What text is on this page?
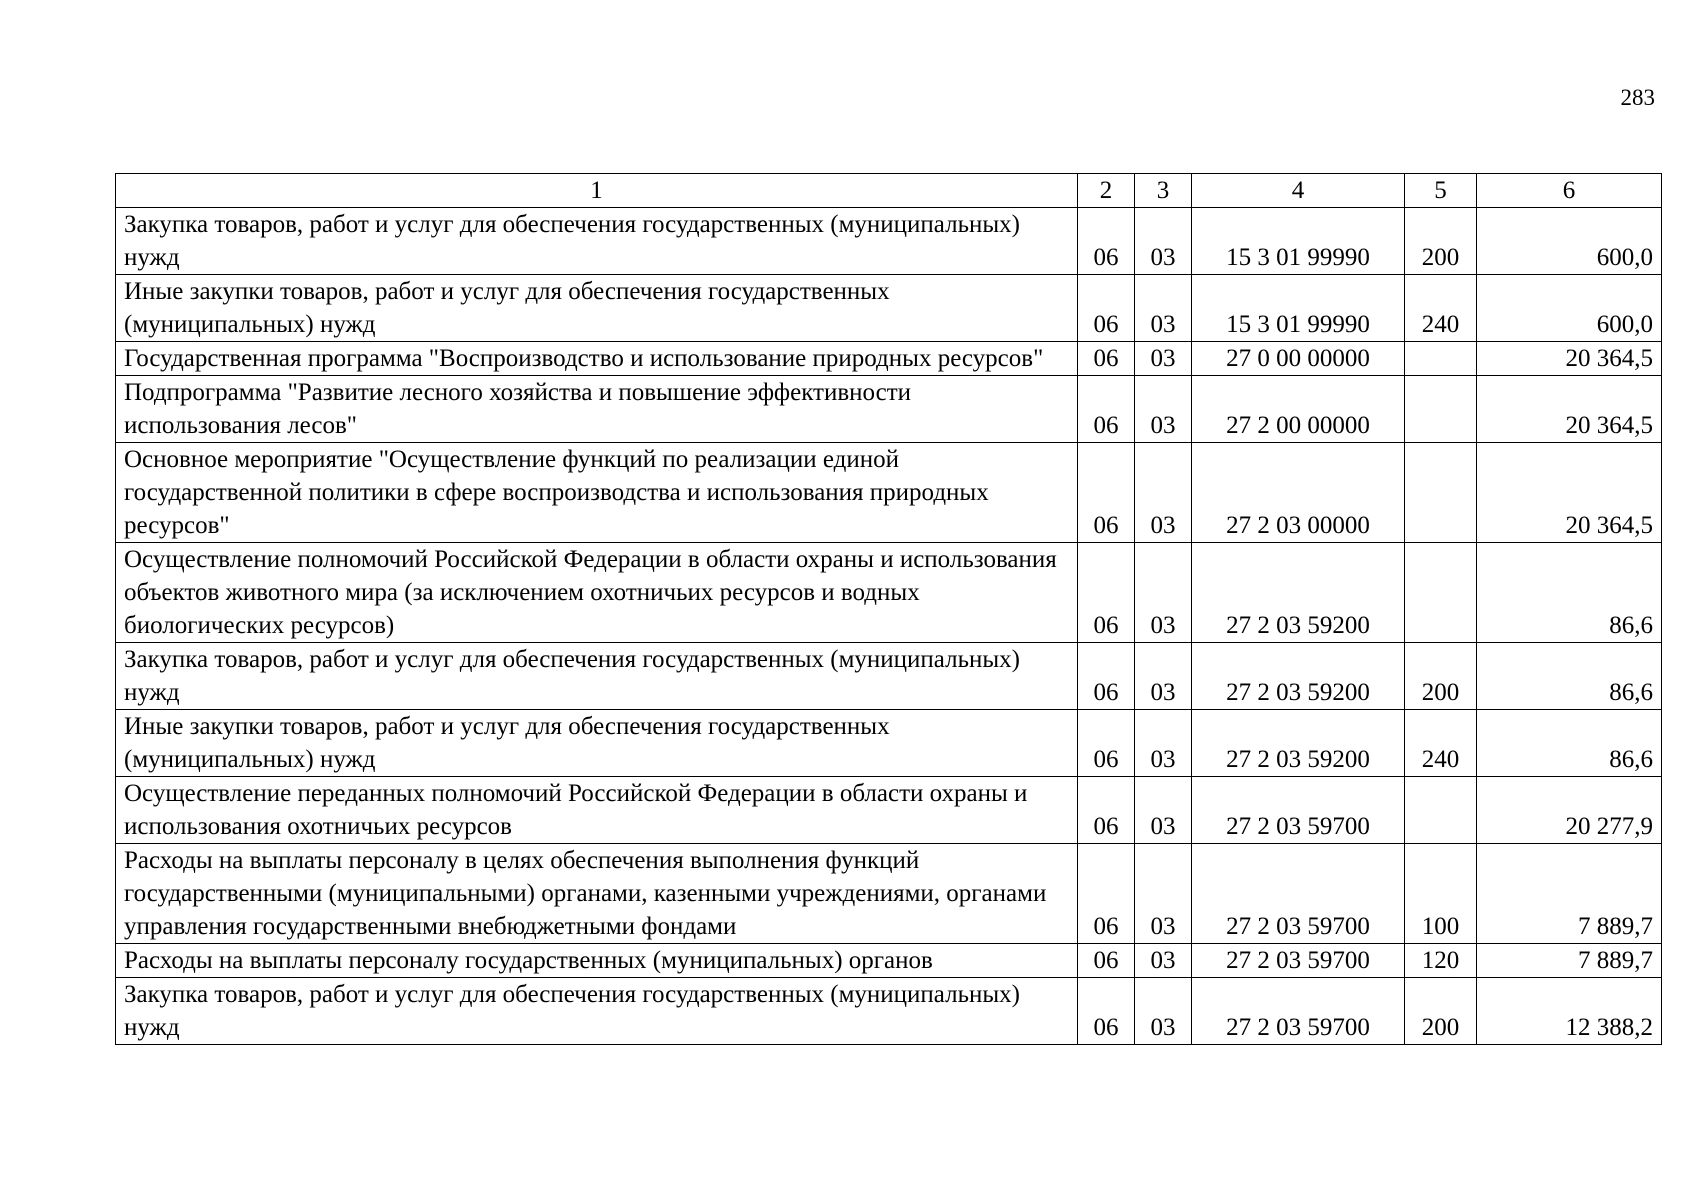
283
1	2	3	4	5	6
Закупка товаров, работ и услуг для обеспечения государственных (муниципальных) нужд	06	03	15 3 01 99990	200	600,0
Иные закупки товаров, работ и услуг для обеспечения государственных (муниципальных) нужд	06	03	15 3 01 99990	240	600,0
Государственная программа "Воспроизводство и использование природных ресурсов"	06	03	27 0 00 00000		20 364,5
Подпрограмма "Развитие лесного хозяйства и повышение эффективности использования лесов"	06	03	27 2 00 00000		20 364,5
Основное мероприятие "Осуществление функций по реализации единой государственной политики в сфере воспроизводства и использования природных ресурсов"	06	03	27 2 03 00000		20 364,5
Осуществление полномочий Российской Федерации в области охраны и использования объектов животного мира (за исключением охотничьих ресурсов и водных биологических ресурсов)	06	03	27 2 03 59200		86,6
Закупка товаров, работ и услуг для обеспечения государственных (муниципальных) нужд	06	03	27 2 03 59200	200	86,6
Иные закупки товаров, работ и услуг для обеспечения государственных (муниципальных) нужд	06	03	27 2 03 59200	240	86,6
Осуществление переданных полномочий Российской Федерации в области охраны и использования охотничьих ресурсов	06	03	27 2 03 59700		20 277,9
Расходы на выплаты персоналу в целях обеспечения выполнения функций государственными (муниципальными) органами, казенными учреждениями, органами управления государственными внебюджетными фондами	06	03	27 2 03 59700	100	7 889,7
Расходы на выплаты персоналу государственных (муниципальных) органов	06	03	27 2 03 59700	120	7 889,7
Закупка товаров, работ и услуг для обеспечения государственных (муниципальных) нужд	06	03	27 2 03 59700	200	12 388,2
